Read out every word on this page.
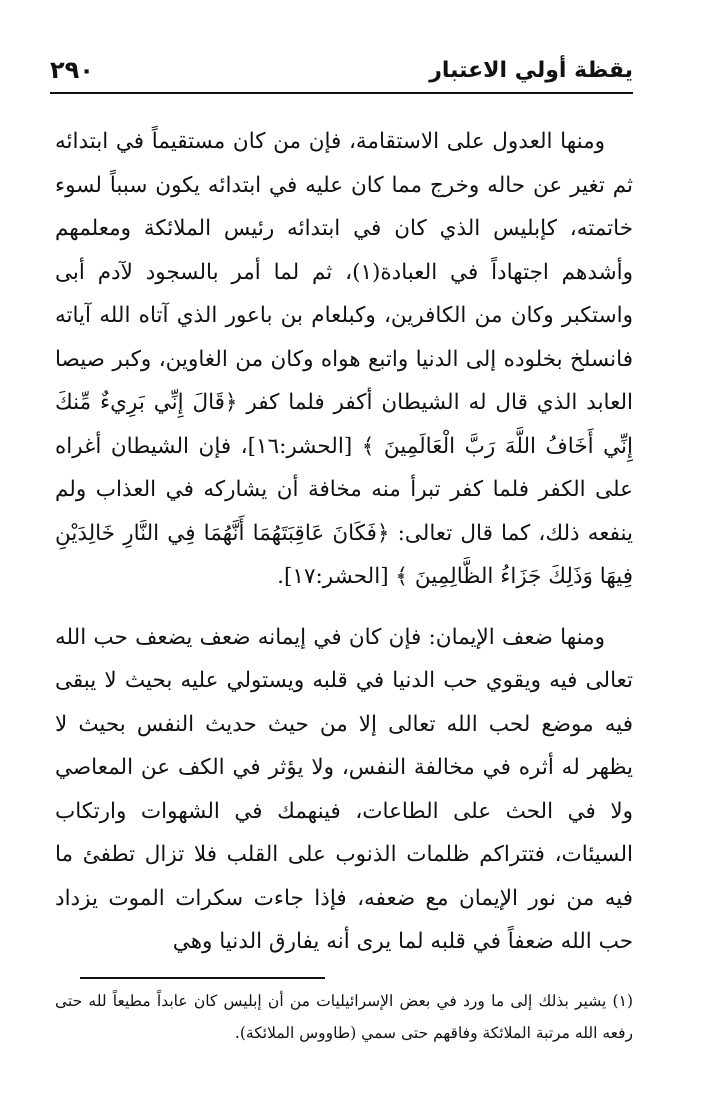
يقظة أولي الاعتبار
٢٩٠

ومنها العدول على الاستقامة، فإن من كان مستقيماً في ابتدائه ثم تغير عن حاله وخرج مما كان عليه في ابتدائه يكون سبباً لسوء خاتمته، كإبليس الذي كان في ابتدائه رئيس الملائكة ومعلمهم وأشدهم اجتهاداً في العبادة(١)، ثم لما أمر بالسجود لآدم أبى واستكبر وكان من الكافرين، وكبلعام بن باعور الذي آتاه الله آياته فانسلخ بخلوده إلى الدنيا واتبع هواه وكان من الغاوين، وكبر صيصا العابد الذي قال له الشيطان أكفر فلما كفر ﴿قَالَ إِنِّي بَرِيءٌ مِّنكَ إِنِّي أَخَافُ اللَّهَ رَبَّ الْعَالَمِينَ ﴾ [الحشر:١٦]، فإن الشيطان أغراه على الكفر فلما كفر تبرأ منه مخافة أن يشاركه في العذاب ولم ينفعه ذلك، كما قال تعالى: ﴿فَكَانَ عَاقِبَتَهُمَا أَنَّهُمَا فِي النَّارِ خَالِدَيْنِ فِيهَا وَذَلِكَ جَزَاءُ الظَّالِمِينَ ﴾ [الحشر:١٧].

ومنها ضعف الإيمان: فإن كان في إيمانه ضعف يضعف حب الله تعالى فيه ويقوي حب الدنيا في قلبه ويستولي عليه بحيث لا يبقى فيه موضع لحب الله تعالى إلا من حيث حديث النفس بحيث لا يظهر له أثره في مخالفة النفس، ولا يؤثر في الكف عن المعاصي ولا في الحث على الطاعات، فينهمك في الشهوات وارتكاب السيئات، فتتراكم ظلمات الذنوب على القلب فلا تزال تطفئ ما فيه من نور الإيمان مع ضعفه، فإذا جاءت سكرات الموت يزداد حب الله ضعفاً في قلبه لما يرى أنه يفارق الدنيا وهي

(١) يشير بذلك إلى ما ورد في بعض الإسرائيليات من أن إبليس كان عابداً مطيعاً لله حتى رفعه الله مرتبة الملائكة وفاقهم حتى سمي (طاووس الملائكة).
